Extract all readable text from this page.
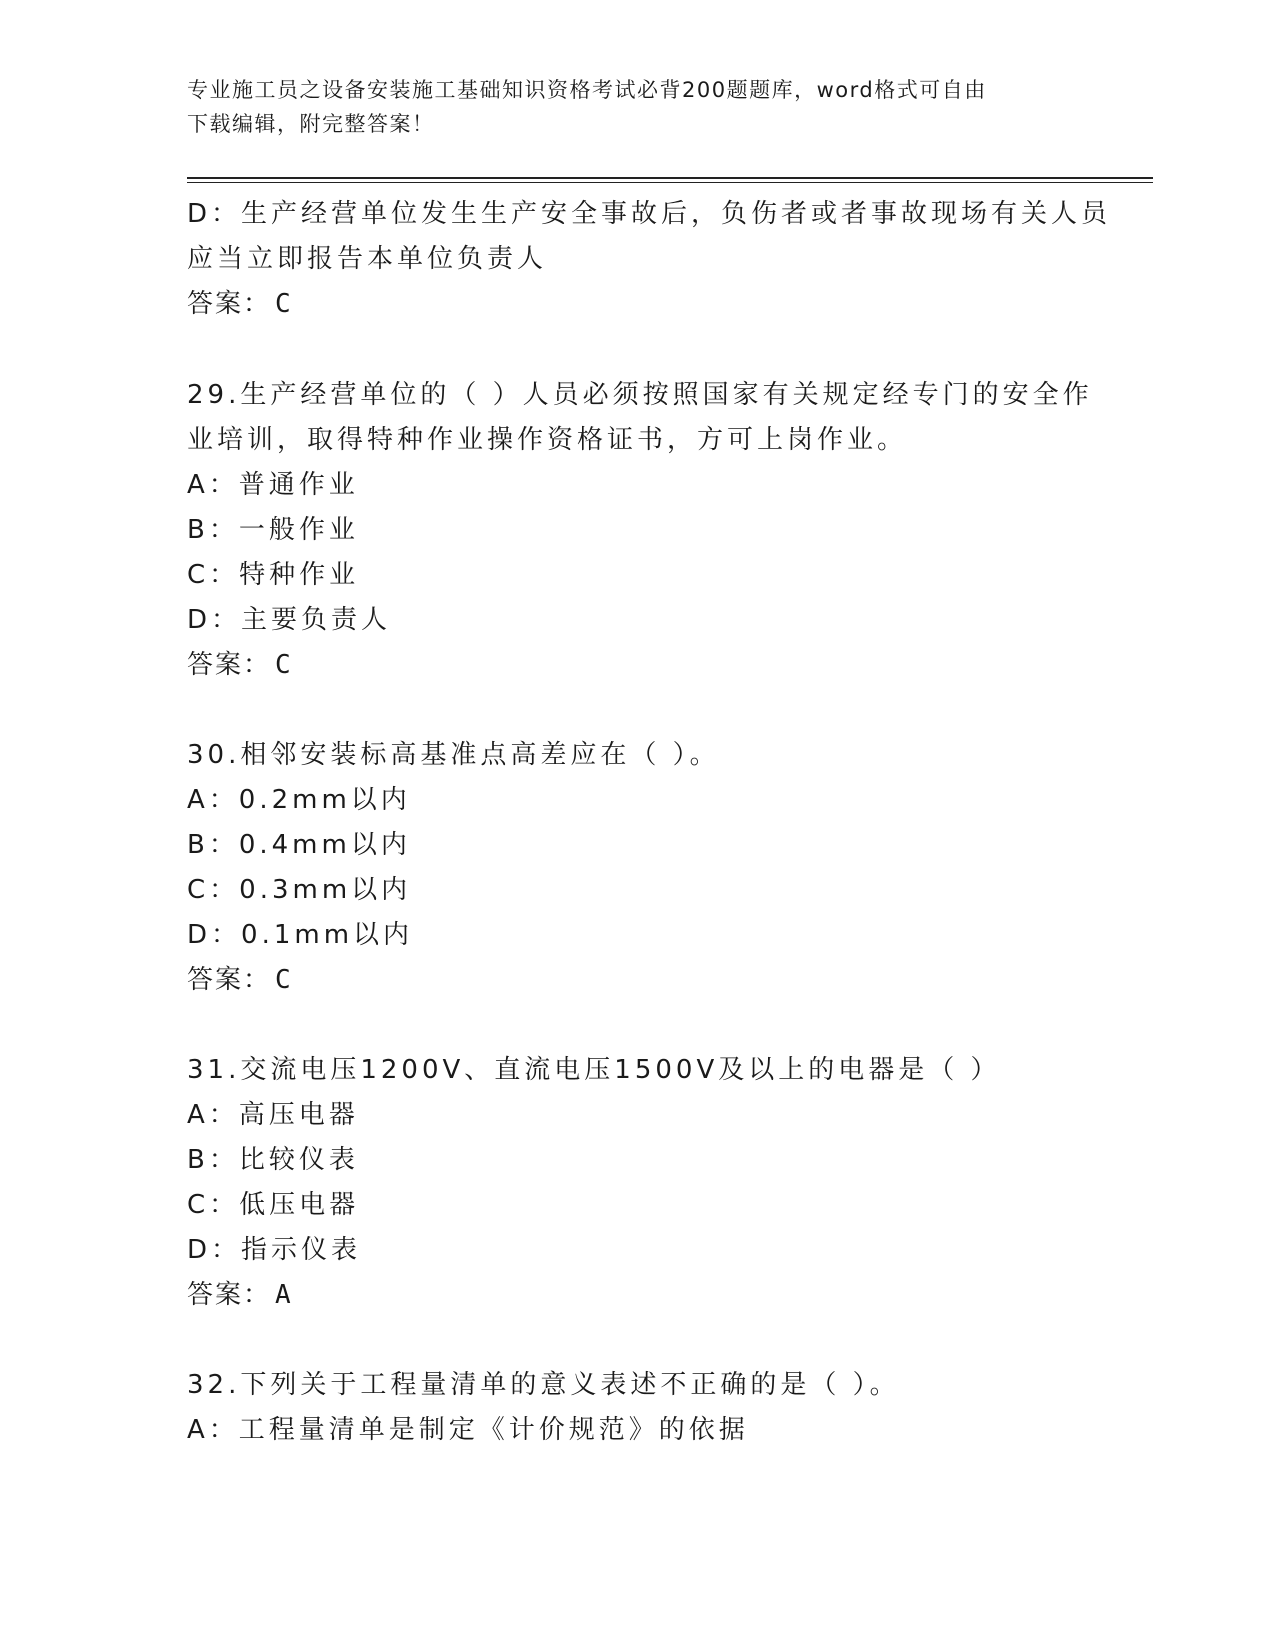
专业施工员之设备安装施工基础知识资格考试必背200题题库，word格式可自由
下载编辑，附完整答案！
D：生产经营单位发生生产安全事故后，负伤者或者事故现场有关人员
应当立即报告本单位负责人
答案： C
29.生产经营单位的（ ）人员必须按照国家有关规定经专门的安全作
业培训，取得特种作业操作资格证书，方可上岗作业。
A：普通作业
B：一般作业
C：特种作业
D：主要负责人
答案： C
30.相邻安装标高基准点高差应在（ ）。
A：0.2mm以内
B：0.4mm以内
C：0.3mm以内
D：0.1mm以内
答案： C
31.交流电压1200V、直流电压1500V及以上的电器是（ ）
A：高压电器
B：比较仪表
C：低压电器
D：指示仪表
答案： A
32.下列关于工程量清单的意义表述不正确的是（ ）。
A：工程量清单是制定《计价规范》的依据
